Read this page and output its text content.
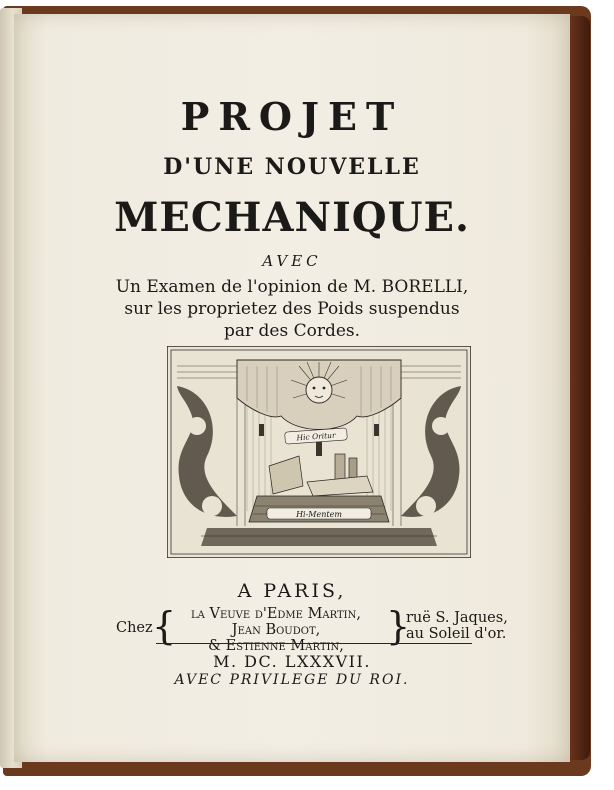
PROJET
D'UNE NOUVELLE
MECHANIQUE.
AVEC
Un Examen de l'opinion de M. BORELLI,
sur les proprietez des Poids suspendus
par des Cordes.
Hic Oritur
Hi-Mentem
A PARIS,
Chez {	la Veuve d'Edme Martin,
Jean Boudot,
& Estienne Martin,	}
ruë S. Jaques,
au Soleil d'or.
M. DC. LXXXVII.
AVEC PRIVILEGE DU ROI.
